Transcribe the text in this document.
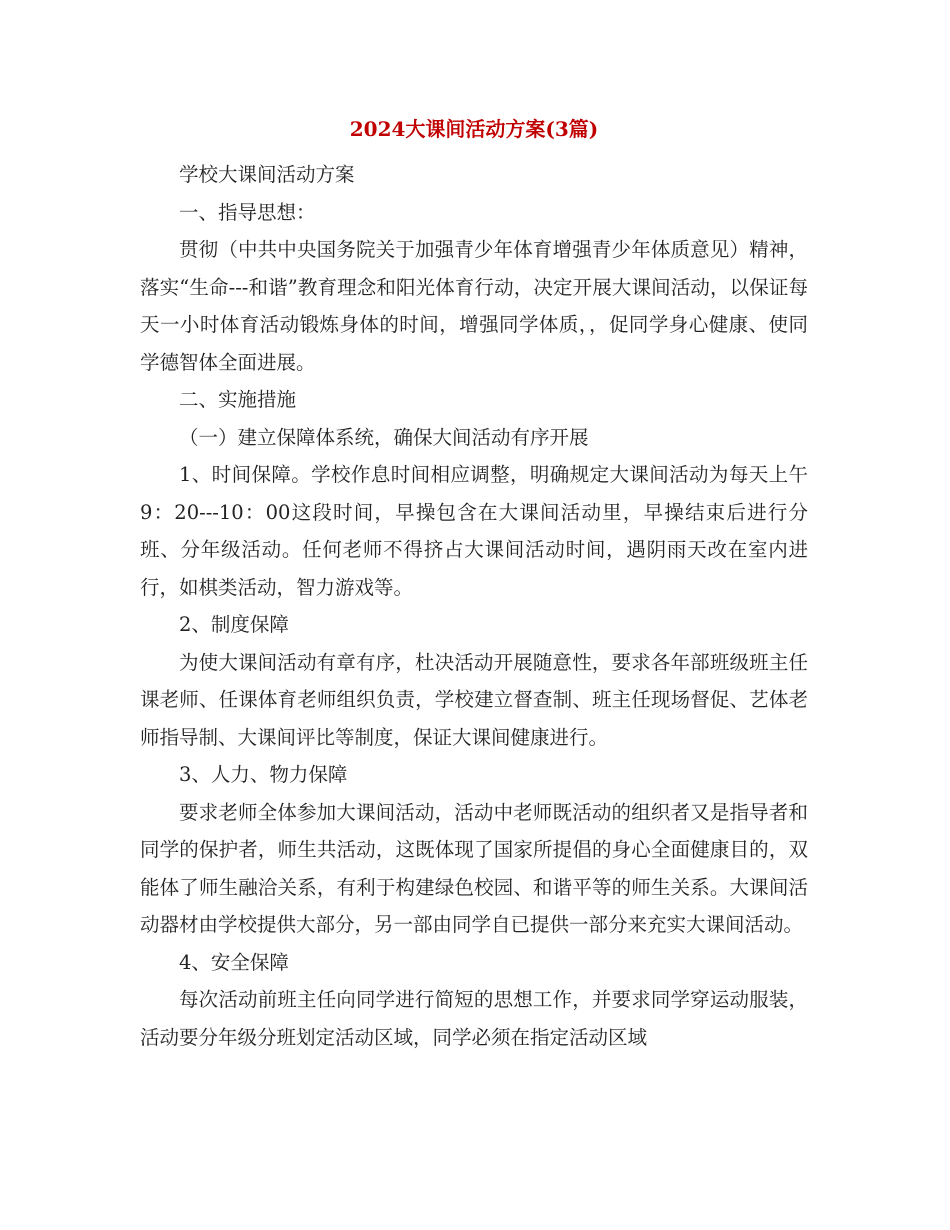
2024大课间活动方案(3篇)

学校大课间活动方案

一、指导思想：

贯彻（中共中央国务院关于加强青少年体育增强青少年体质意见）精神，落实“生命---和谐”教育理念和阳光体育行动，决定开展大课间活动，以保证每天一小时体育活动锻炼身体的时间，增强同学体质，，促同学身心健康、使同学德智体全面进展。

二、实施措施

（一）建立保障体系统，确保大间活动有序开展

1、时间保障。学校作息时间相应调整，明确规定大课间活动为每天上午9：20---10：00这段时间，早操包含在大课间活动里，早操结束后进行分班、分年级活动。任何老师不得挤占大课间活动时间，遇阴雨天改在室内进行，如棋类活动，智力游戏等。

2、制度保障

为使大课间活动有章有序，杜决活动开展随意性，要求各年部班级班主任课老师、任课体育老师组织负责，学校建立督查制、班主任现场督促、艺体老师指导制、大课间评比等制度，保证大课间健康进行。

3、人力、物力保障

要求老师全体参加大课间活动，活动中老师既活动的组织者又是指导者和同学的保护者，师生共活动，这既体现了国家所提倡的身心全面健康目的，双能体了师生融洽关系，有利于构建绿色校园、和谐平等的师生关系。大课间活动器材由学校提供大部分，另一部由同学自已提供一部分来充实大课间活动。

4、安全保障

每次活动前班主任向同学进行简短的思想工作，并要求同学穿运动服装，活动要分年级分班划定活动区域，同学必须在指定活动区域
